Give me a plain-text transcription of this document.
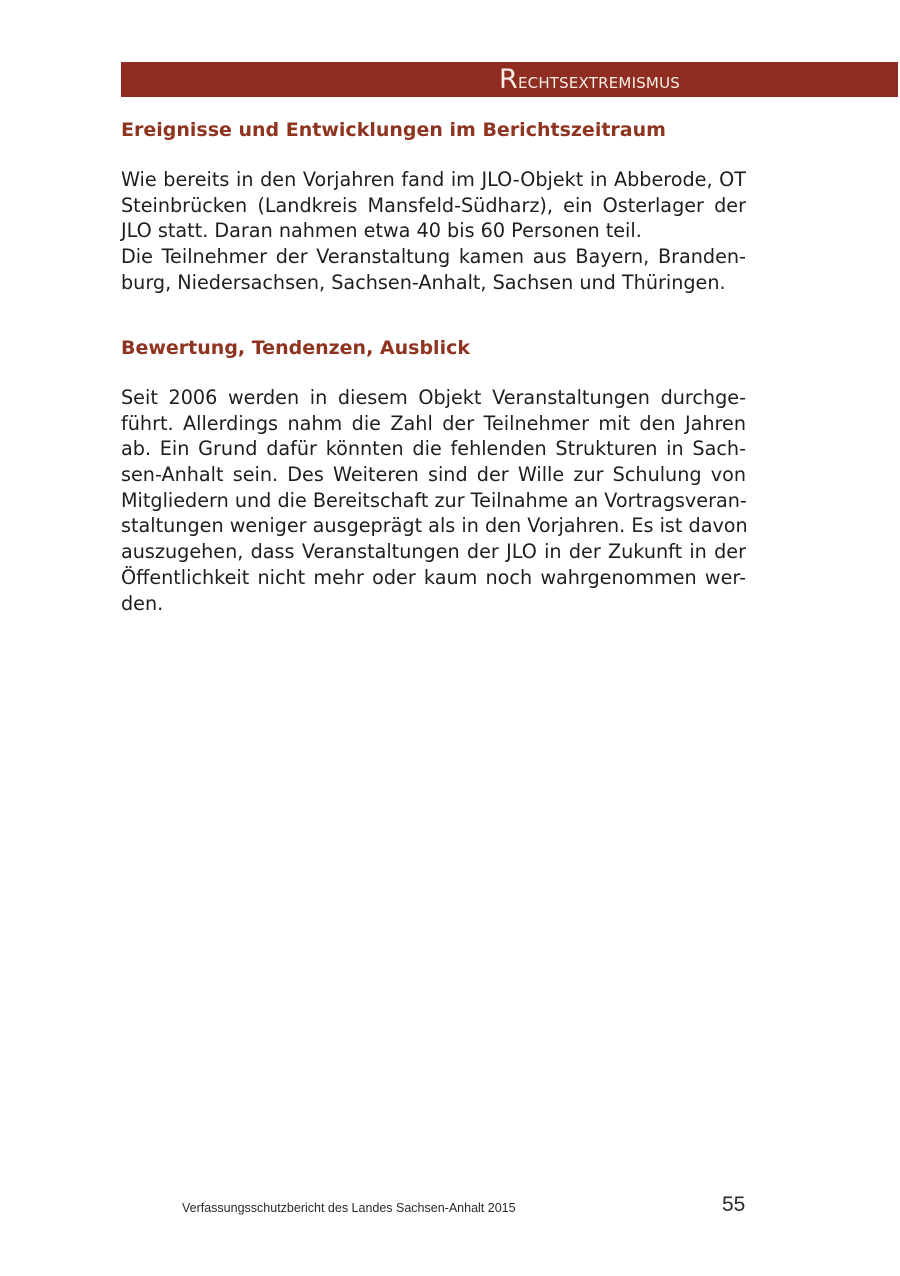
Rechtsextremismus
Ereignisse und Entwicklungen im Berichtszeitraum
Wie bereits in den Vorjahren fand im JLO-Objekt in Abberode, OT
Steinbrücken (Landkreis Mansfeld-Südharz), ein Osterlager der
JLO statt. Daran nahmen etwa 40 bis 60 Personen teil.
Die Teilnehmer der Veranstaltung kamen aus Bayern, Branden-
burg, Niedersachsen, Sachsen-Anhalt, Sachsen und Thüringen.
Bewertung, Tendenzen, Ausblick
Seit 2006 werden in diesem Objekt Veranstaltungen durchge-
führt. Allerdings nahm die Zahl der Teilnehmer mit den Jahren
ab. Ein Grund dafür könnten die fehlenden Strukturen in Sach-
sen-Anhalt sein. Des Weiteren sind der Wille zur Schulung von
Mitgliedern und die Bereitschaft zur Teilnahme an Vortragsveran-
staltungen weniger ausgeprägt als in den Vorjahren. Es ist davon
auszugehen, dass Veranstaltungen der JLO in der Zukunft in der
Öffentlichkeit nicht mehr oder kaum noch wahrgenommen wer-
den.
Verfassungsschutzbericht des Landes Sachsen-Anhalt 2015	55
